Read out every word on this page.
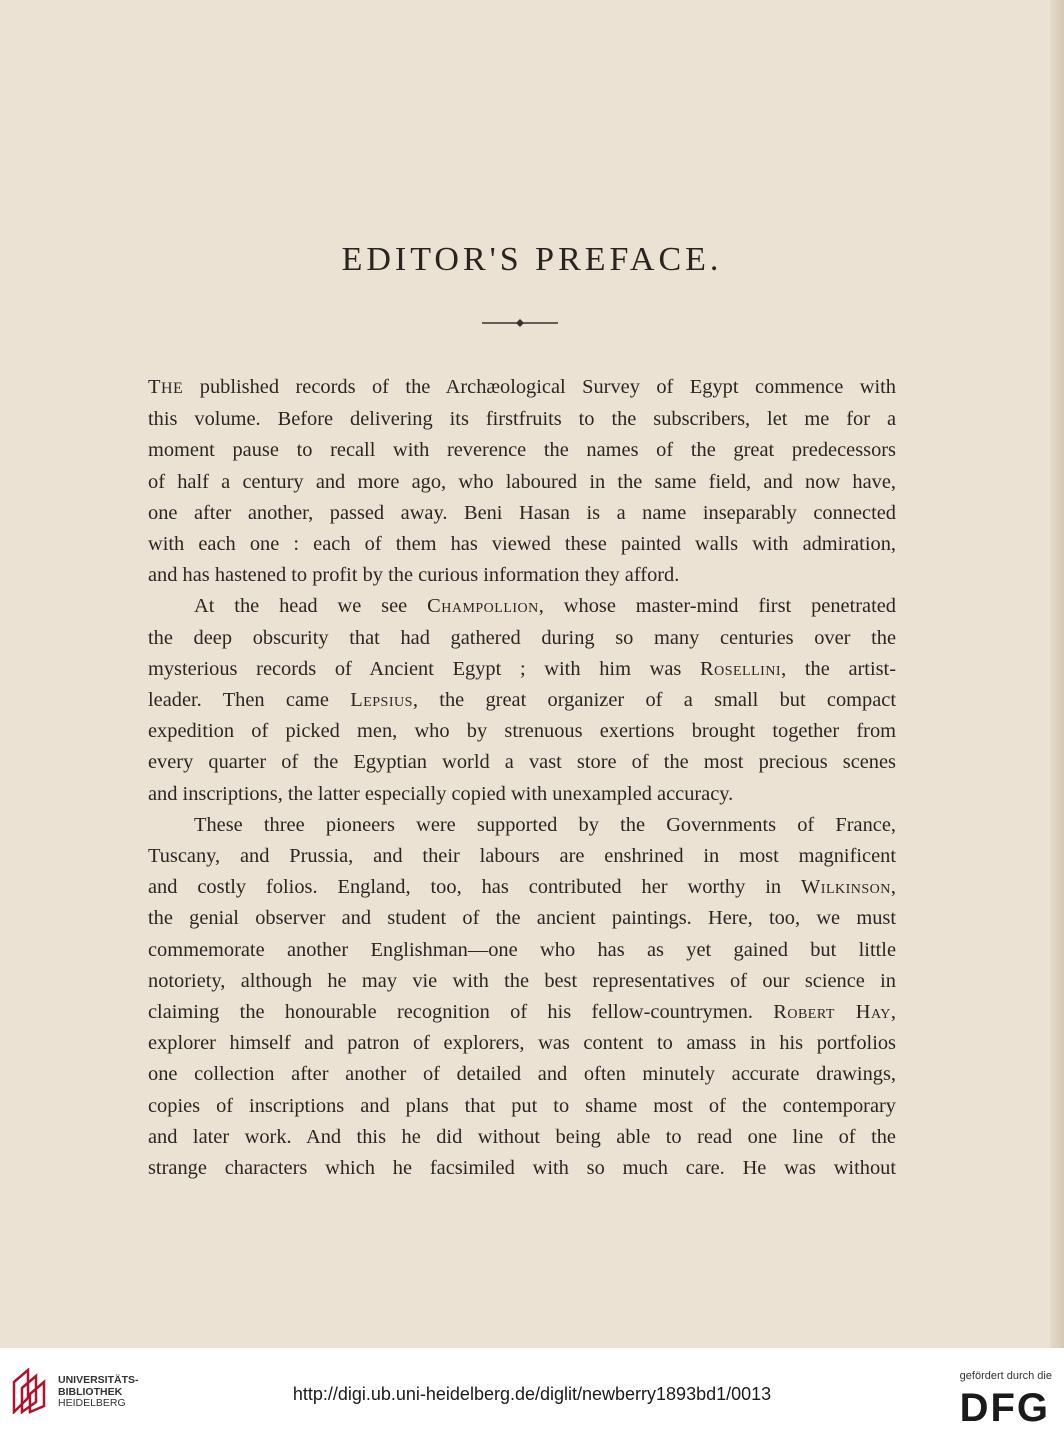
EDITOR'S PREFACE.

THE published records of the Archæological Survey of Egypt commence with

this volume. Before delivering its firstfruits to the subscribers, let me for a

moment pause to recall with reverence the names of the great predecessors

of half a century and more ago, who laboured in the same field, and now have,

one after another, passed away. Beni Hasan is a name inseparably connected

with each one : each of them has viewed these painted walls with admiration,

and has hastened to profit by the curious information they afford.

At the head we see Champollion, whose master-mind first penetrated

the deep obscurity that had gathered during so many centuries over the

mysterious records of Ancient Egypt ; with him was Rosellini, the artist-

leader. Then came Lepsius, the great organizer of a small but compact

expedition of picked men, who by strenuous exertions brought together from

every quarter of the Egyptian world a vast store of the most precious scenes

and inscriptions, the latter especially copied with unexampled accuracy.

These three pioneers were supported by the Governments of France,

Tuscany, and Prussia, and their labours are enshrined in most magnificent

and costly folios. England, too, has contributed her worthy in Wilkinson,

the genial observer and student of the ancient paintings. Here, too, we must

commemorate another Englishman—one who has as yet gained but little

notoriety, although he may vie with the best representatives of our science in

claiming the honourable recognition of his fellow-countrymen. Robert Hay,

explorer himself and patron of explorers, was content to amass in his portfolios

one collection after another of detailed and often minutely accurate drawings,

copies of inscriptions and plans that put to shame most of the contemporary

and later work. And this he did without being able to read one line of the

strange characters which he facsimiled with so much care. He was without

UNIVERSITÄTS-
BIBLIOTHEK
HEIDELBERG	http://digi.ub.uni-heidelberg.de/diglit/newberry1893bd1/0013
gefördert durch die
DFG
